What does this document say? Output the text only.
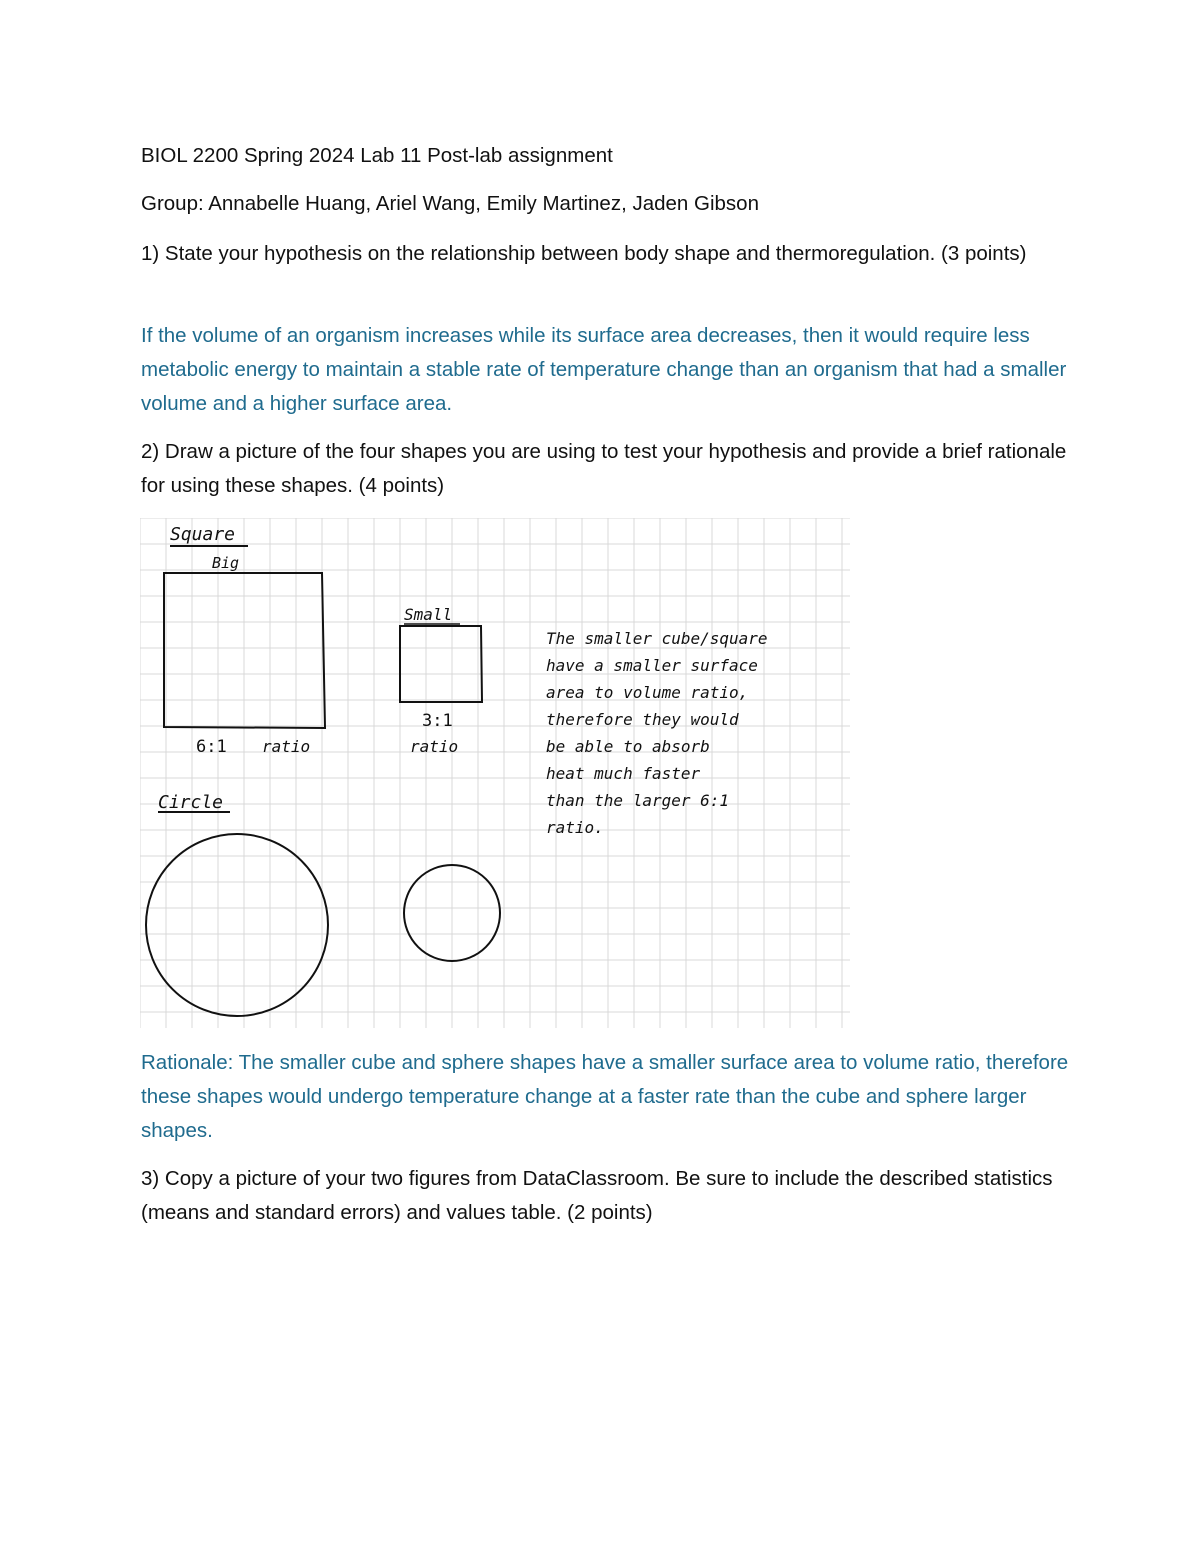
BIOL 2200 Spring 2024 Lab 11 Post-lab assignment

Group: Annabelle Huang, Ariel Wang, Emily Martinez, Jaden Gibson

1) State your hypothesis on the relationship between body shape and thermoregulation. (3 points)

If the volume of an organism increases while its surface area decreases, then it would require less metabolic energy to maintain a stable rate of temperature change than an organism that had a smaller volume and a higher surface area.

2) Draw a picture of the four shapes you are using to test your hypothesis and provide a brief rationale for using these shapes. (4 points)

Square
Big
6:1 ratio
Small
3:1
ratio
Circle
The smaller cube/square
have a smaller surface
area to volume ratio,
therefore they would
be able to absorb
heat much faster
than the larger 6:1
ratio.

Rationale: The smaller cube and sphere shapes have a smaller surface area to volume ratio, therefore these shapes would undergo temperature change at a faster rate than the cube and sphere larger shapes.

3) Copy a picture of your two figures from DataClassroom. Be sure to include the described statistics (means and standard errors) and values table. (2 points)
